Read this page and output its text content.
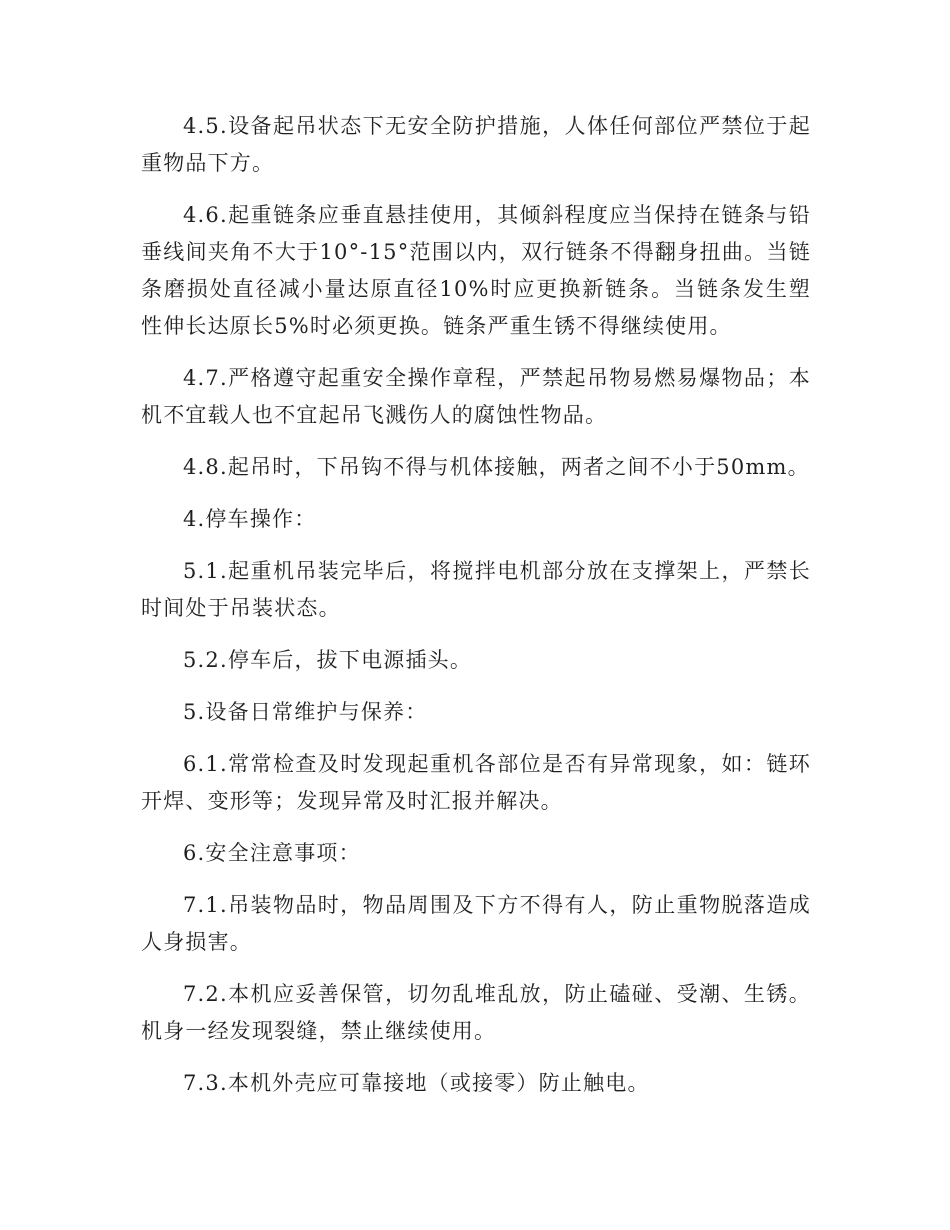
4.5.设备起吊状态下无安全防护措施，人体任何部位严禁位于起重物品下方。

4.6.起重链条应垂直悬挂使用，其倾斜程度应当保持在链条与铅垂线间夹角不大于10°-15°范围以内，双行链条不得翻身扭曲。当链条磨损处直径减小量达原直径10%时应更换新链条。当链条发生塑性伸长达原长5%时必须更换。链条严重生锈不得继续使用。

4.7.严格遵守起重安全操作章程，严禁起吊物易燃易爆物品；本机不宜载人也不宜起吊飞溅伤人的腐蚀性物品。

4.8.起吊时，下吊钩不得与机体接触，两者之间不小于50mm。

4.停车操作：

5.1.起重机吊装完毕后，将搅拌电机部分放在支撑架上，严禁长时间处于吊装状态。

5.2.停车后，拔下电源插头。

5.设备日常维护与保养：

6.1.常常检查及时发现起重机各部位是否有异常现象，如：链环开焊、变形等；发现异常及时汇报并解决。

6.安全注意事项：

7.1.吊装物品时，物品周围及下方不得有人，防止重物脱落造成人身损害。

7.2.本机应妥善保管，切勿乱堆乱放，防止磕碰、受潮、生锈。机身一经发现裂缝，禁止继续使用。

7.3.本机外壳应可靠接地（或接零）防止触电。
